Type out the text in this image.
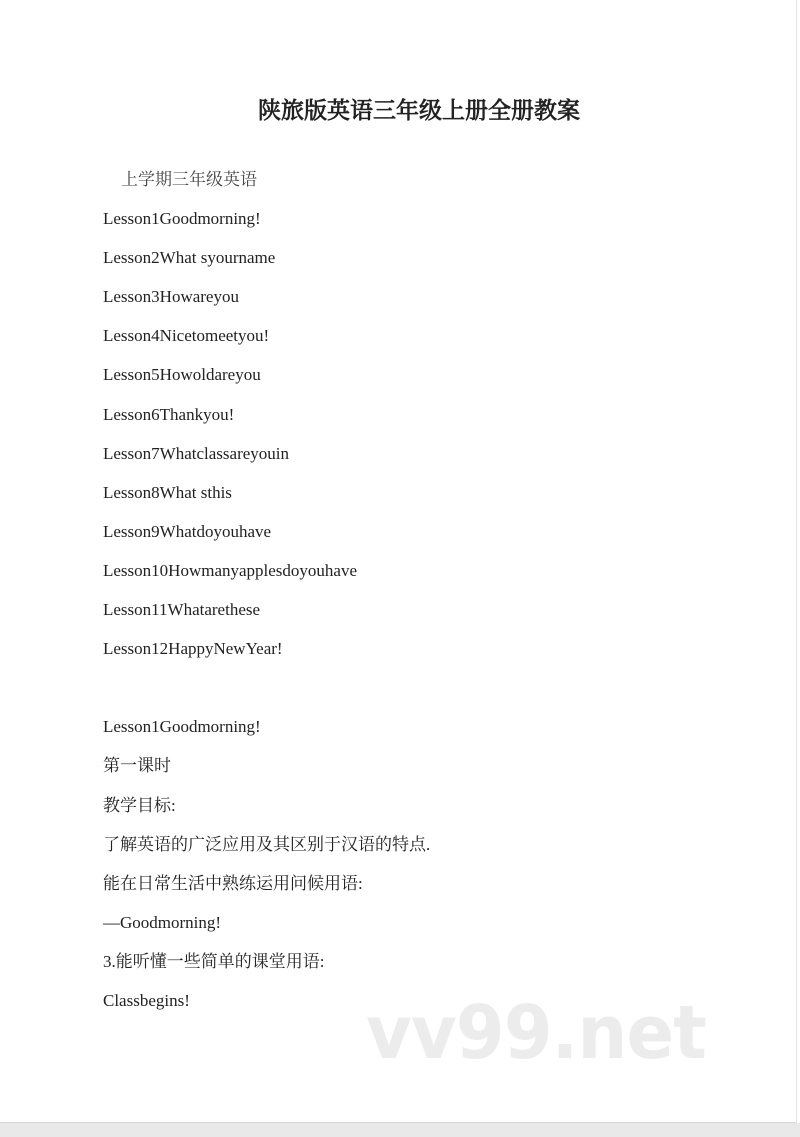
陕旅版英语三年级上册全册教案
上学期三年级英语
Lesson1Goodmorning!
Lesson2What syourname
Lesson3Howareyou
Lesson4Nicetomeetyou!
Lesson5Howoldareyou
Lesson6Thankyou!
Lesson7Whatclassareyouin
Lesson8What sthis
Lesson9Whatdoyouhave
Lesson10Howmanyapplesdoyouhave
Lesson11Whatarethese
Lesson12HappyNewYear!
Lesson1Goodmorning!
第一课时
教学目标:
了解英语的广泛应用及其区别于汉语的特点.
能在日常生活中熟练运用问候用语:
—Goodmorning!
3.能听懂一些简单的课堂用语:
Classbegins!	vv99.net
